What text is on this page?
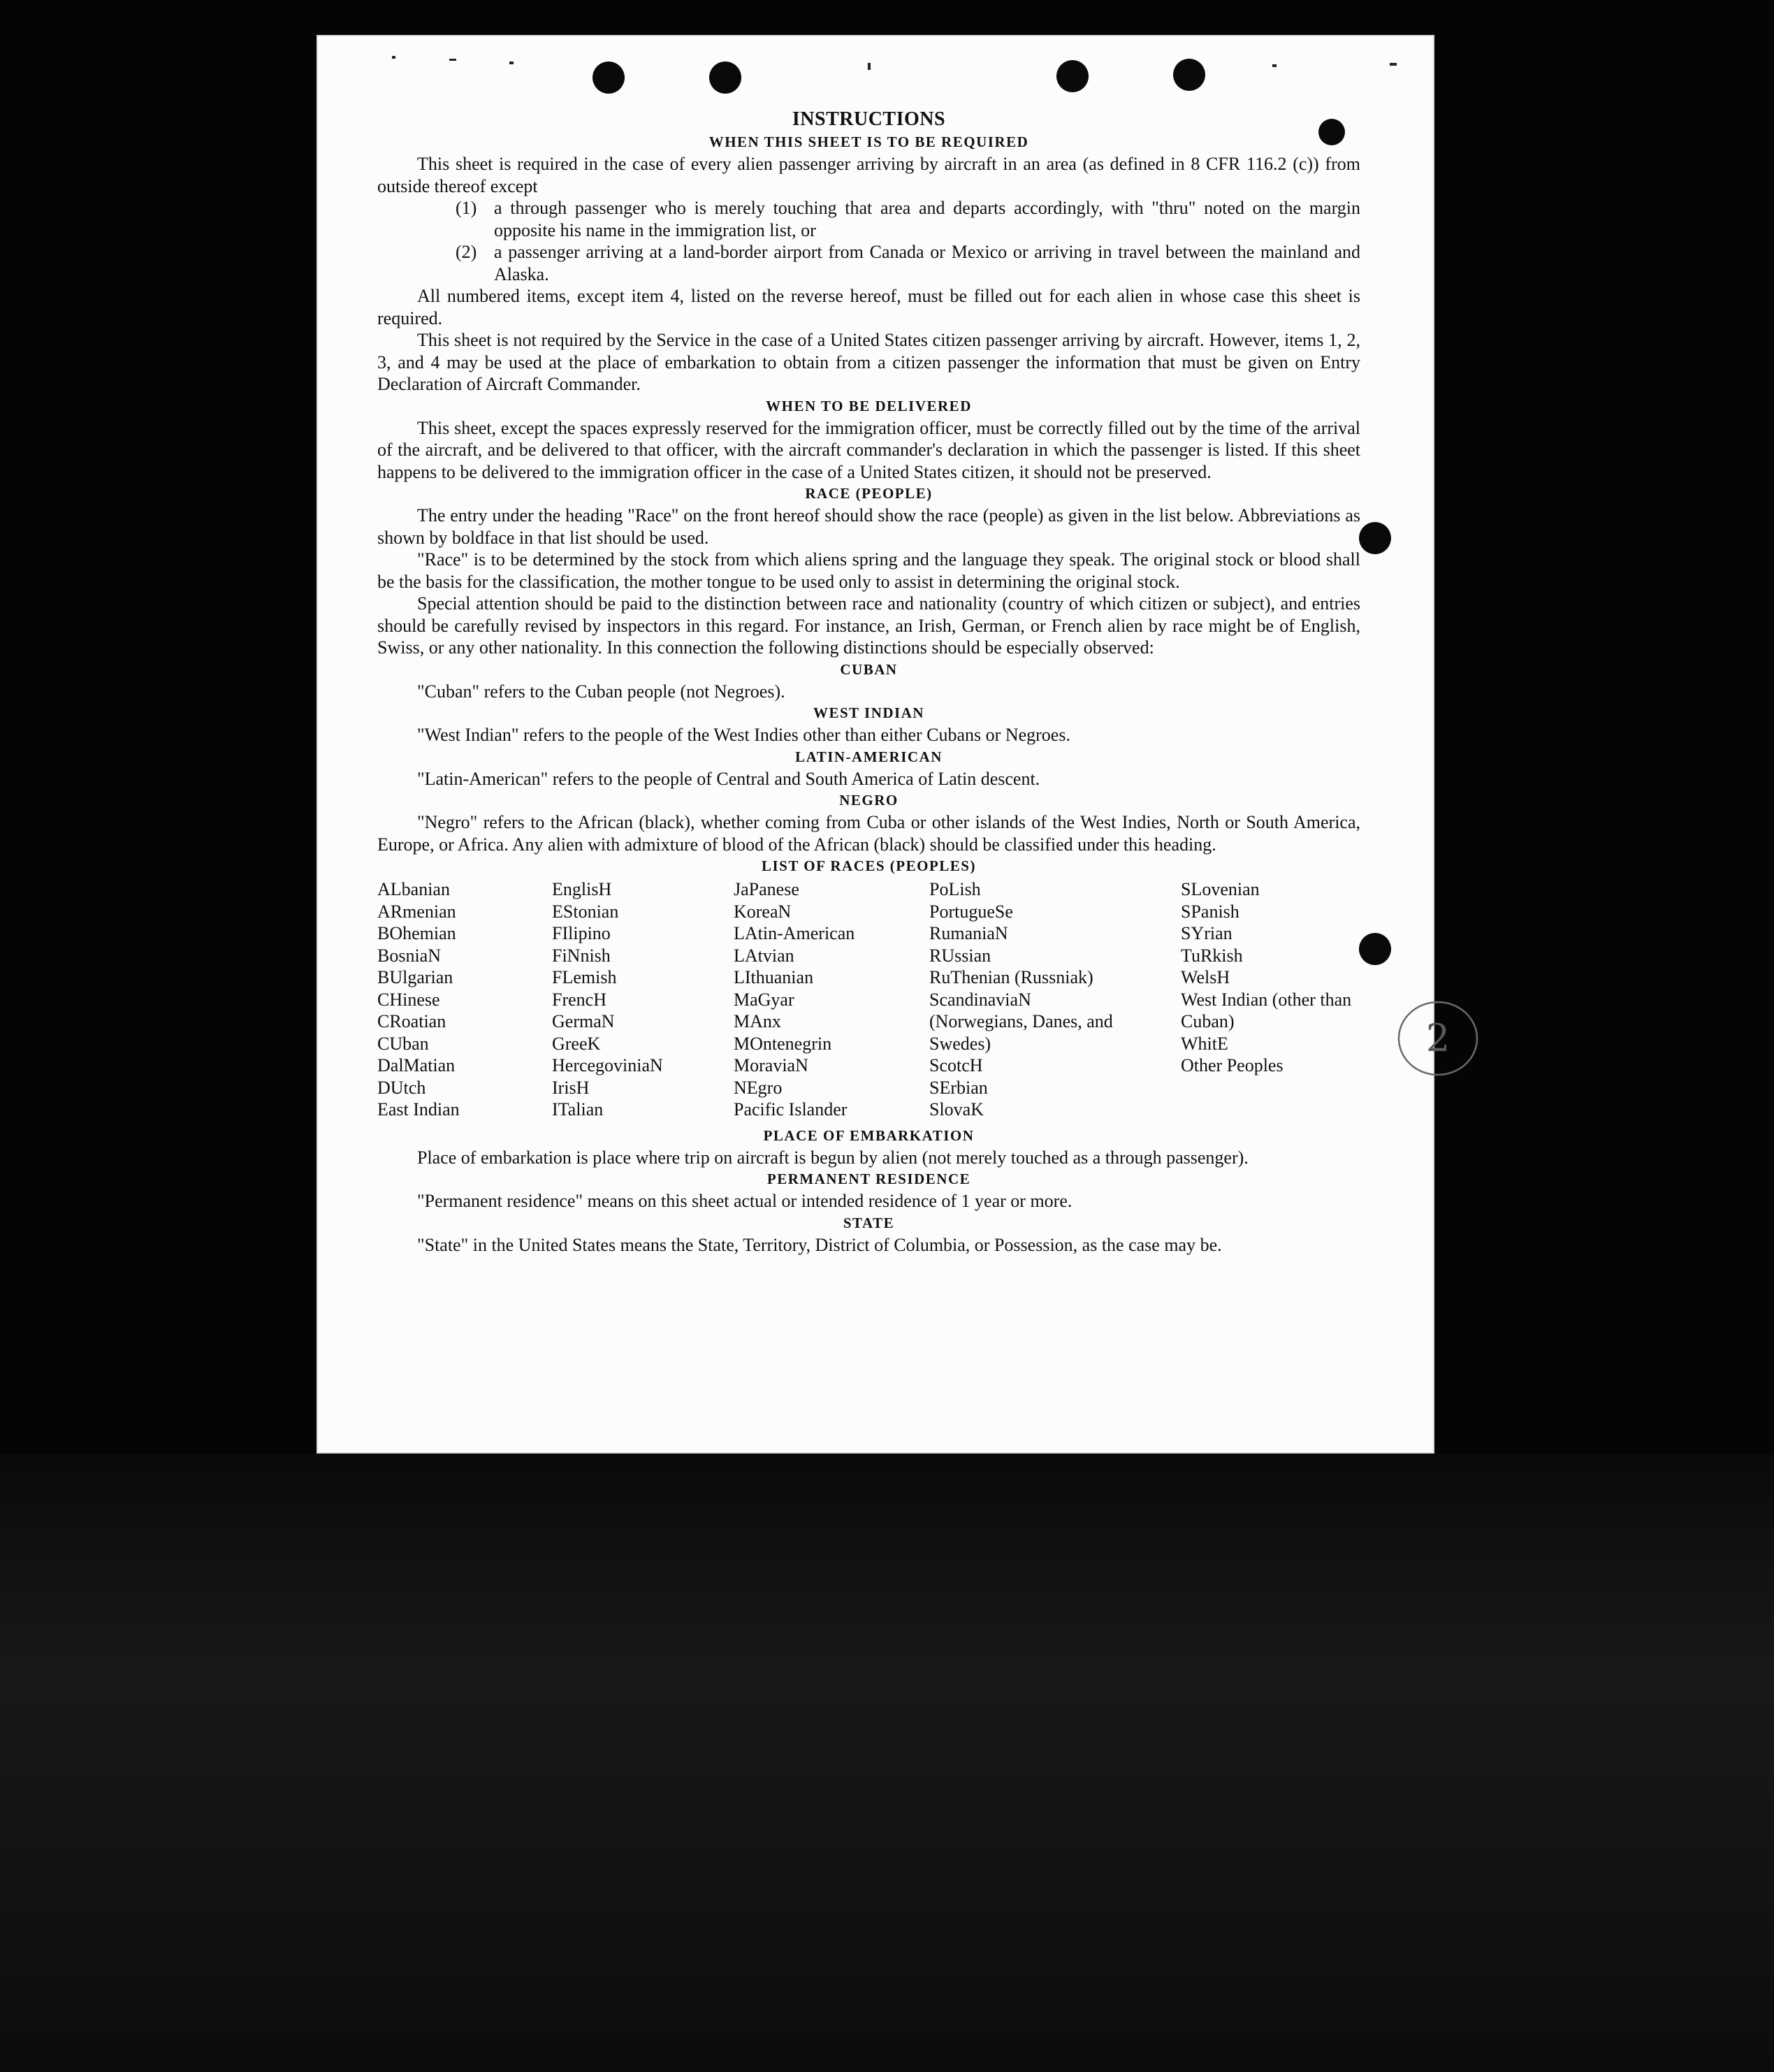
2
INSTRUCTIONS
WHEN THIS SHEET IS TO BE REQUIRED

This sheet is required in the case of every alien passenger arriving by aircraft in an area (as defined in 8 CFR 116.2 (c)) from outside thereof except

(1) a through passenger who is merely touching that area and departs accordingly, with "thru" noted on the margin opposite his name in the immigration list, or
(2) a passenger arriving at a land-border airport from Canada or Mexico or arriving in travel between the mainland and Alaska.

All numbered items, except item 4, listed on the reverse hereof, must be filled out for each alien in whose case this sheet is required.

This sheet is not required by the Service in the case of a United States citizen passenger arriving by aircraft. However, items 1, 2, 3, and 4 may be used at the place of embarkation to obtain from a citizen passenger the information that must be given on Entry Declaration of Aircraft Commander.

WHEN TO BE DELIVERED

This sheet, except the spaces expressly reserved for the immigration officer, must be correctly filled out by the time of the arrival of the aircraft, and be delivered to that officer, with the aircraft commander's declaration in which the passenger is listed. If this sheet happens to be delivered to the immigration officer in the case of a United States citizen, it should not be preserved.

RACE (PEOPLE)

The entry under the heading "Race" on the front hereof should show the race (people) as given in the list below. Abbreviations as shown by boldface in that list should be used.

"Race" is to be determined by the stock from which aliens spring and the language they speak. The original stock or blood shall be the basis for the classification, the mother tongue to be used only to assist in determining the original stock.

Special attention should be paid to the distinction between race and nationality (country of which citizen or subject), and entries should be carefully revised by inspectors in this regard. For instance, an Irish, German, or French alien by race might be of English, Swiss, or any other nationality. In this connection the following distinctions should be especially observed:

CUBAN

"Cuban" refers to the Cuban people (not Negroes).

WEST INDIAN

"West Indian" refers to the people of the West Indies other than either Cubans or Negroes.

LATIN-AMERICAN

"Latin-American" refers to the people of Central and South America of Latin descent.

NEGRO

"Negro" refers to the African (black), whether coming from Cuba or other islands of the West Indies, North or South America, Europe, or Africa. Any alien with admixture of blood of the African (black) should be classified under this heading.

LIST OF RACES (PEOPLES)
ALbanian
ARmenian
BOhemian
BosniaN
BUlgarian
CHinese
CRoatian
CUban
DalMatian
DUtch
East Indian
EnglisH
EStonian
FIlipino
FiNnish
FLemish
FrencH
GermaN
GreeK
HercegoviniaN
IrisH
ITalian
JaPanese
KoreaN
LAtin-American
LAtvian
LIthuanian
MaGyar
MAnx
MOntenegrin
MoraviaN
NEgro
Pacific Islander
PoLish
PortugueSe
RumaniaN
RUssian
RuThenian (Russniak)
ScandinaviaN (Norwegians, Danes, and Swedes)
ScotcH
SErbian
SlovaK
SLovenian
SPanish
SYrian
TuRkish
WelsH
West Indian (other than Cuban)
WhitE
Other Peoples
PLACE OF EMBARKATION

Place of embarkation is place where trip on aircraft is begun by alien (not merely touched as a through passenger).

PERMANENT RESIDENCE

"Permanent residence" means on this sheet actual or intended residence of 1 year or more.

STATE

"State" in the United States means the State, Territory, District of Columbia, or Possession, as the case may be.
